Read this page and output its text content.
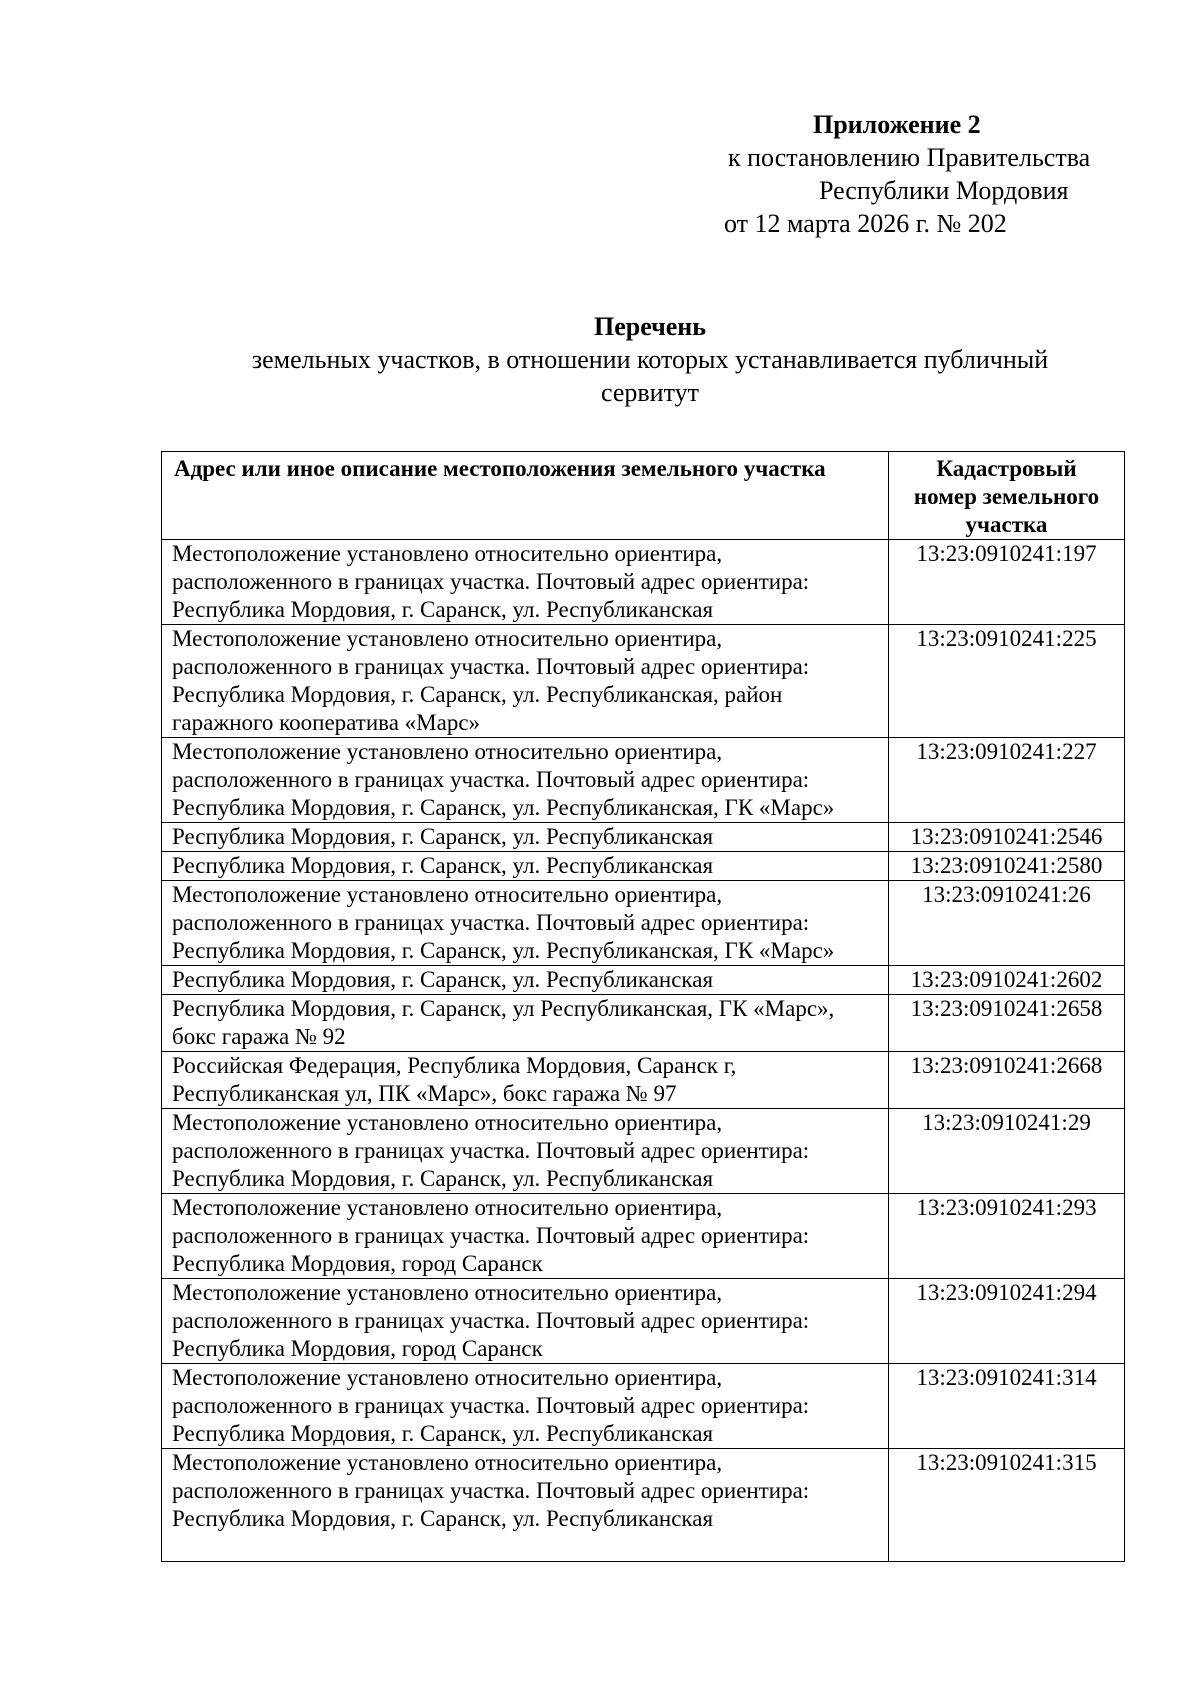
Приложение 2
к постановлению Правительства
Республики Мордовия
от 12 марта 2026 г. № 202
Перечень
земельных участков, в отношении которых устанавливается публичный сервитут
Адрес или иное описание местоположения земельного участка	Кадастровый номер земельного участка
Местоположение установлено относительно ориентира, расположенного в границах участка. Почтовый адрес ориентира: Республика Мордовия, г. Саранск, ул. Республиканская	13:23:0910241:197
Местоположение установлено относительно ориентира, расположенного в границах участка. Почтовый адрес ориентира: Республика Мордовия, г. Саранск, ул. Республиканская, район гаражного кооператива «Марс»	13:23:0910241:225
Местоположение установлено относительно ориентира, расположенного в границах участка. Почтовый адрес ориентира: Республика Мордовия, г. Саранск, ул. Республиканская, ГК «Марс»	13:23:0910241:227
Республика Мордовия, г. Саранск, ул. Республиканская	13:23:0910241:2546
Республика Мордовия, г. Саранск, ул. Республиканская	13:23:0910241:2580
Местоположение установлено относительно ориентира, расположенного в границах участка. Почтовый адрес ориентира: Республика Мордовия, г. Саранск, ул. Республиканская, ГК «Марс»	13:23:0910241:26
Республика Мордовия, г. Саранск, ул. Республиканская	13:23:0910241:2602
Республика Мордовия, г. Саранск, ул Республиканская, ГК «Марс», бокс гаража № 92	13:23:0910241:2658
Российская Федерация, Республика Мордовия, Саранск г, Республиканская ул, ПК «Марс», бокс гаража № 97	13:23:0910241:2668
Местоположение установлено относительно ориентира, расположенного в границах участка. Почтовый адрес ориентира: Республика Мордовия, г. Саранск, ул. Республиканская	13:23:0910241:29
Местоположение установлено относительно ориентира, расположенного в границах участка. Почтовый адрес ориентира: Республика Мордовия, город Саранск	13:23:0910241:293
Местоположение установлено относительно ориентира, расположенного в границах участка. Почтовый адрес ориентира: Республика Мордовия, город Саранск	13:23:0910241:294
Местоположение установлено относительно ориентира, расположенного в границах участка. Почтовый адрес ориентира: Республика Мордовия, г. Саранск, ул. Республиканская	13:23:0910241:314
Местоположение установлено относительно ориентира, расположенного в границах участка. Почтовый адрес ориентира: Республика Мордовия, г. Саранск, ул. Республиканская	13:23:0910241:315
